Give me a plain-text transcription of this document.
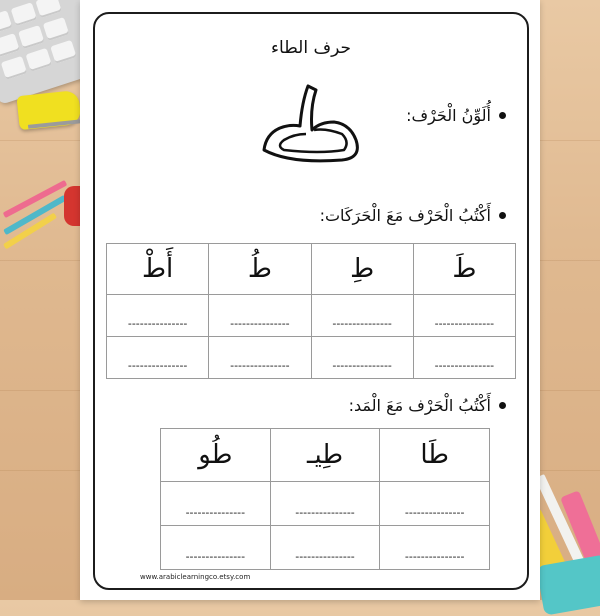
حرف الطاء
أُلَوِّنُ الْحَرْف:
أَكْتُبُ الْحَرْف مَعَ الْحَرَكَات:
طَ	طِ	طُ	أَطْ
---------------	---------------	---------------	---------------
---------------	---------------	---------------	---------------
أَكْتُبُ الْحَرْف مَعَ الْمَد:
طَا	طِيـ	طُو
---------------	---------------	---------------
---------------	---------------	---------------
www.arabiclearningco.etsy.com
